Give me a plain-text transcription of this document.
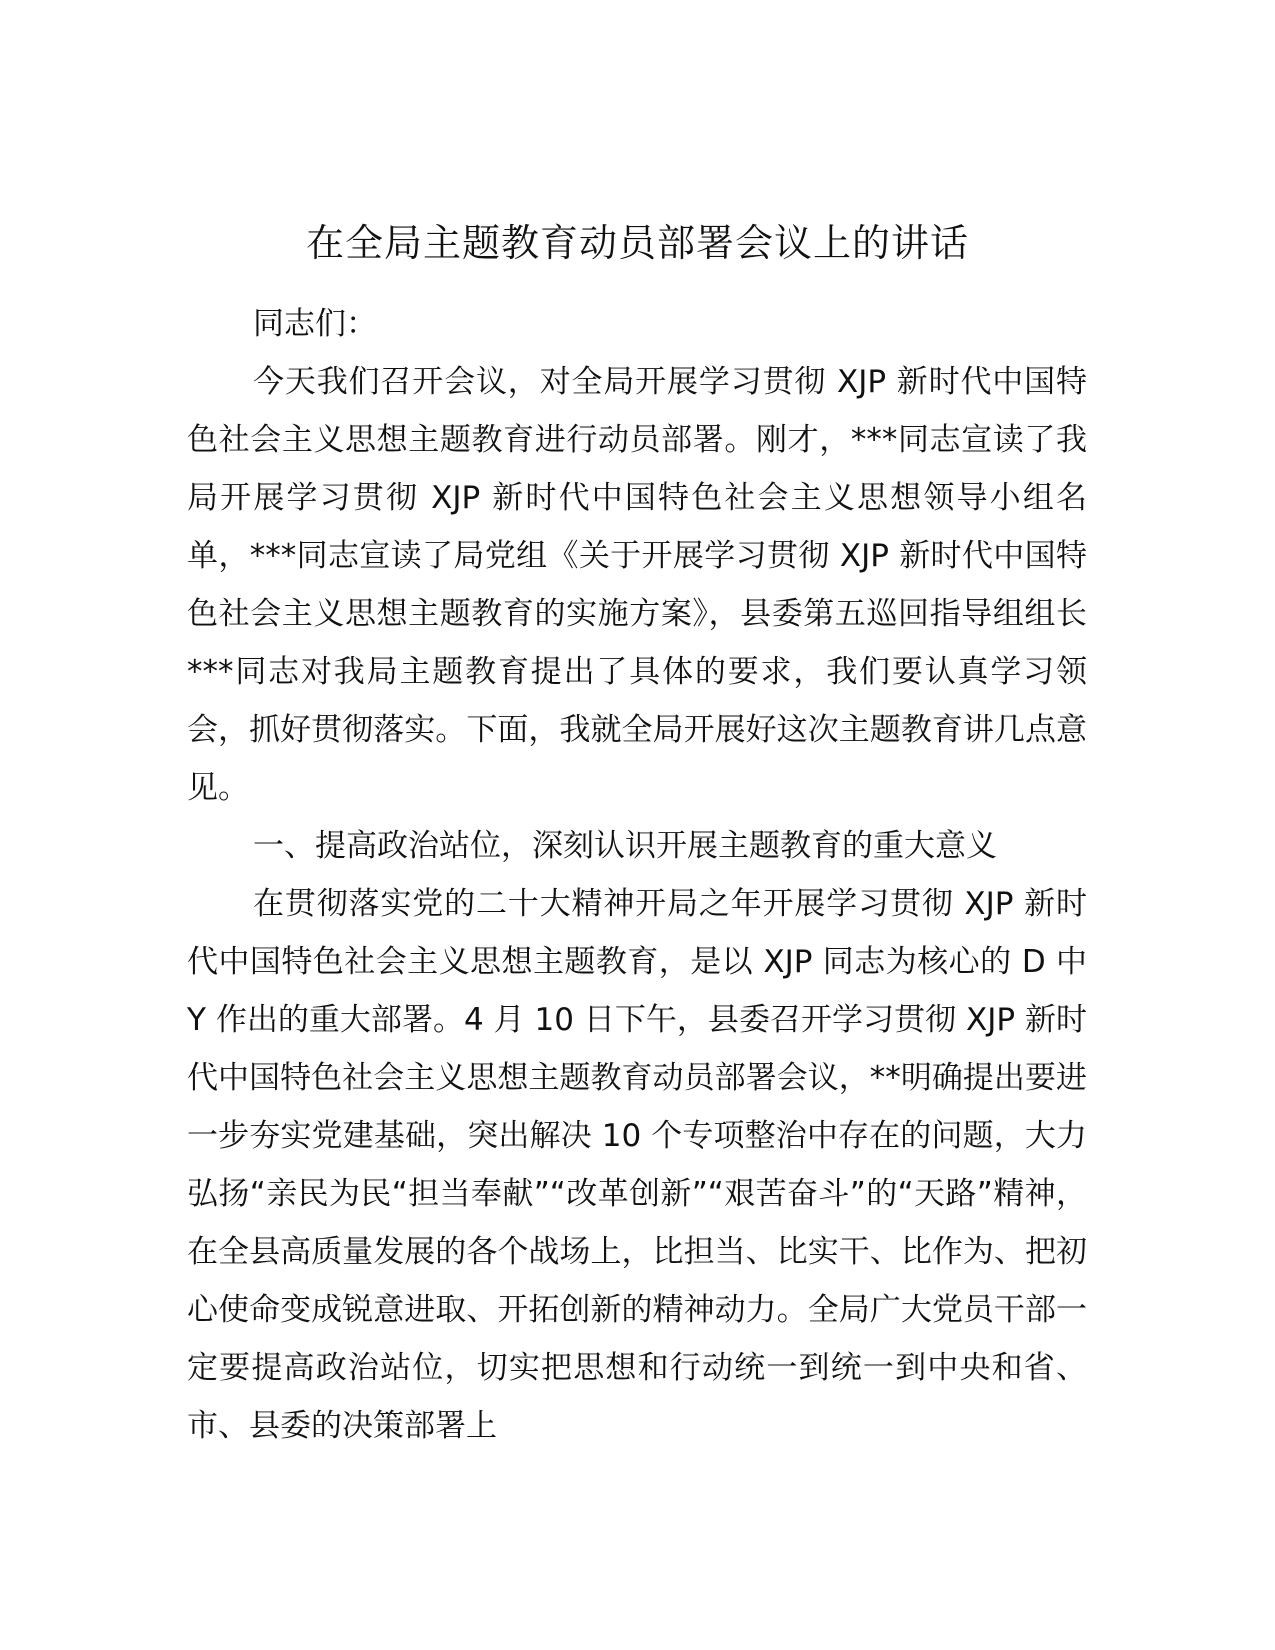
在全局主题教育动员部署会议上的讲话

同志们：

今天我们召开会议，对全局开展学习贯彻 XJP 新时代中国特色社会主义思想主题教育进行动员部署。刚才，***同志宣读了我局开展学习贯彻 XJP 新时代中国特色社会主义思想领导小组名单，***同志宣读了局党组《关于开展学习贯彻 XJP 新时代中国特色社会主义思想主题教育的实施方案》，县委第五巡回指导组组长***同志对我局主题教育提出了具体的要求，我们要认真学习领会，抓好贯彻落实。下面，我就全局开展好这次主题教育讲几点意见。

一、提高政治站位，深刻认识开展主题教育的重大意义

在贯彻落实党的二十大精神开局之年开展学习贯彻 XJP 新时代中国特色社会主义思想主题教育，是以 XJP 同志为核心的 D 中 Y 作出的重大部署。4 月 10 日下午，县委召开学习贯彻 XJP 新时代中国特色社会主义思想主题教育动员部署会议，**明确提出要进一步夯实党建基础，突出解决 10 个专项整治中存在的问题，大力弘扬“亲民为民“担当奉献”“改革创新”“艰苦奋斗”的“天路”精神，在全县高质量发展的各个战场上，比担当、比实干、比作为、把初心使命变成锐意进取、开拓创新的精神动力。全局广大党员干部一定要提高政治站位，切实把思想和行动统一到统一到中央和省、市、县委的决策部署上
